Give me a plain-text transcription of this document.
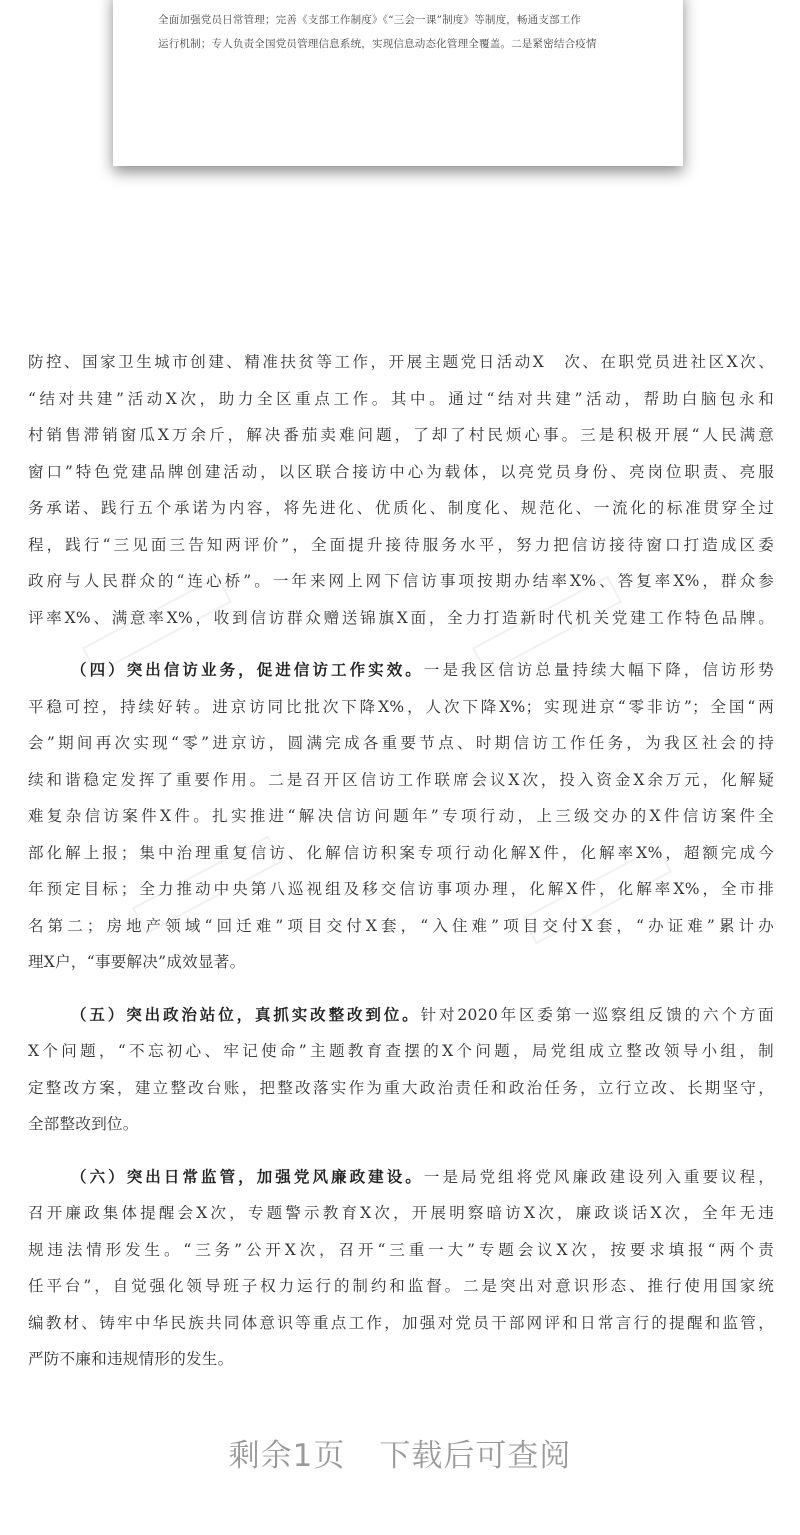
全面加强党员日常管理；完善《支部工作制度》《“三会一课”制度》等制度，畅通支部工作
运行机制；专人负责全国党员管理信息系统，实现信息动态化管理全覆盖。二是紧密结合疫情
防控、国家卫生城市创建、精准扶贫等工作，开展主题党日活动X　次、在职党员进社区X次、
“结对共建”活动X次，助力全区重点工作。其中。通过“结对共建”活动，帮助白脑包永和
村销售滞销窗瓜X万余斤，解决番茄卖难问题，了却了村民烦心事。三是积极开展“人民满意
窗口”特色党建品牌创建活动，以区联合接访中心为载体，以亮党员身份、亮岗位职责、亮服
务承诺、践行五个承诺为内容，将先进化、优质化、制度化、规范化、一流化的标准贯穿全过
程，践行“三见面三告知两评价”，全面提升接待服务水平，努力把信访接待窗口打造成区委
政府与人民群众的“连心桥”。一年来网上网下信访事项按期办结率X%、答复率X%，群众参
评率X%、满意率X%，收到信访群众赠送锦旗X面，全力打造新时代机关党建工作特色品牌。
（四）突出信访业务，促进信访工作实效。一是我区信访总量持续大幅下降，信访形势
平稳可控，持续好转。进京访同比批次下降X%，人次下降X%；实现进京“零非访”；全国“两
会”期间再次实现“零”进京访，圆满完成各重要节点、时期信访工作任务，为我区社会的持
续和谐稳定发挥了重要作用。二是召开区信访工作联席会议X次，投入资金X余万元，化解疑
难复杂信访案件X件。扎实推进“解决信访问题年”专项行动，上三级交办的X件信访案件全
部化解上报；集中治理重复信访、化解信访积案专项行动化解X件，化解率X%，超额完成今
年预定目标；全力推动中央第八巡视组及移交信访事项办理，化解X件，化解率X%，全市排
名第二；房地产领域“回迁难”项目交付X套，“入住难”项目交付X套，“办证难”累计办
理X户，“事要解决”成效显著。
（五）突出政治站位，真抓实改整改到位。针对2020年区委第一巡察组反馈的六个方面
X个问题，“不忘初心、牢记使命”主题教育查摆的X个问题，局党组成立整改领导小组，制
定整改方案，建立整改台账，把整改落实作为重大政治责任和政治任务，立行立改、长期坚守，
全部整改到位。
（六）突出日常监管，加强党风廉政建设。一是局党组将党风廉政建设列入重要议程，
召开廉政集体提醒会X次，专题警示教育X次，开展明察暗访X次，廉政谈话X次，全年无违
规违法情形发生。“三务”公开X次，召开“三重一大”专题会议X次，按要求填报“两个责
任平台”，自觉强化领导班子权力运行的制约和监督。二是突出对意识形态、推行使用国家统
编教材、铸牢中华民族共同体意识等重点工作，加强对党员干部网评和日常言行的提醒和监管，
严防不廉和违规情形的发生。
剩余1页 下载后可查阅
